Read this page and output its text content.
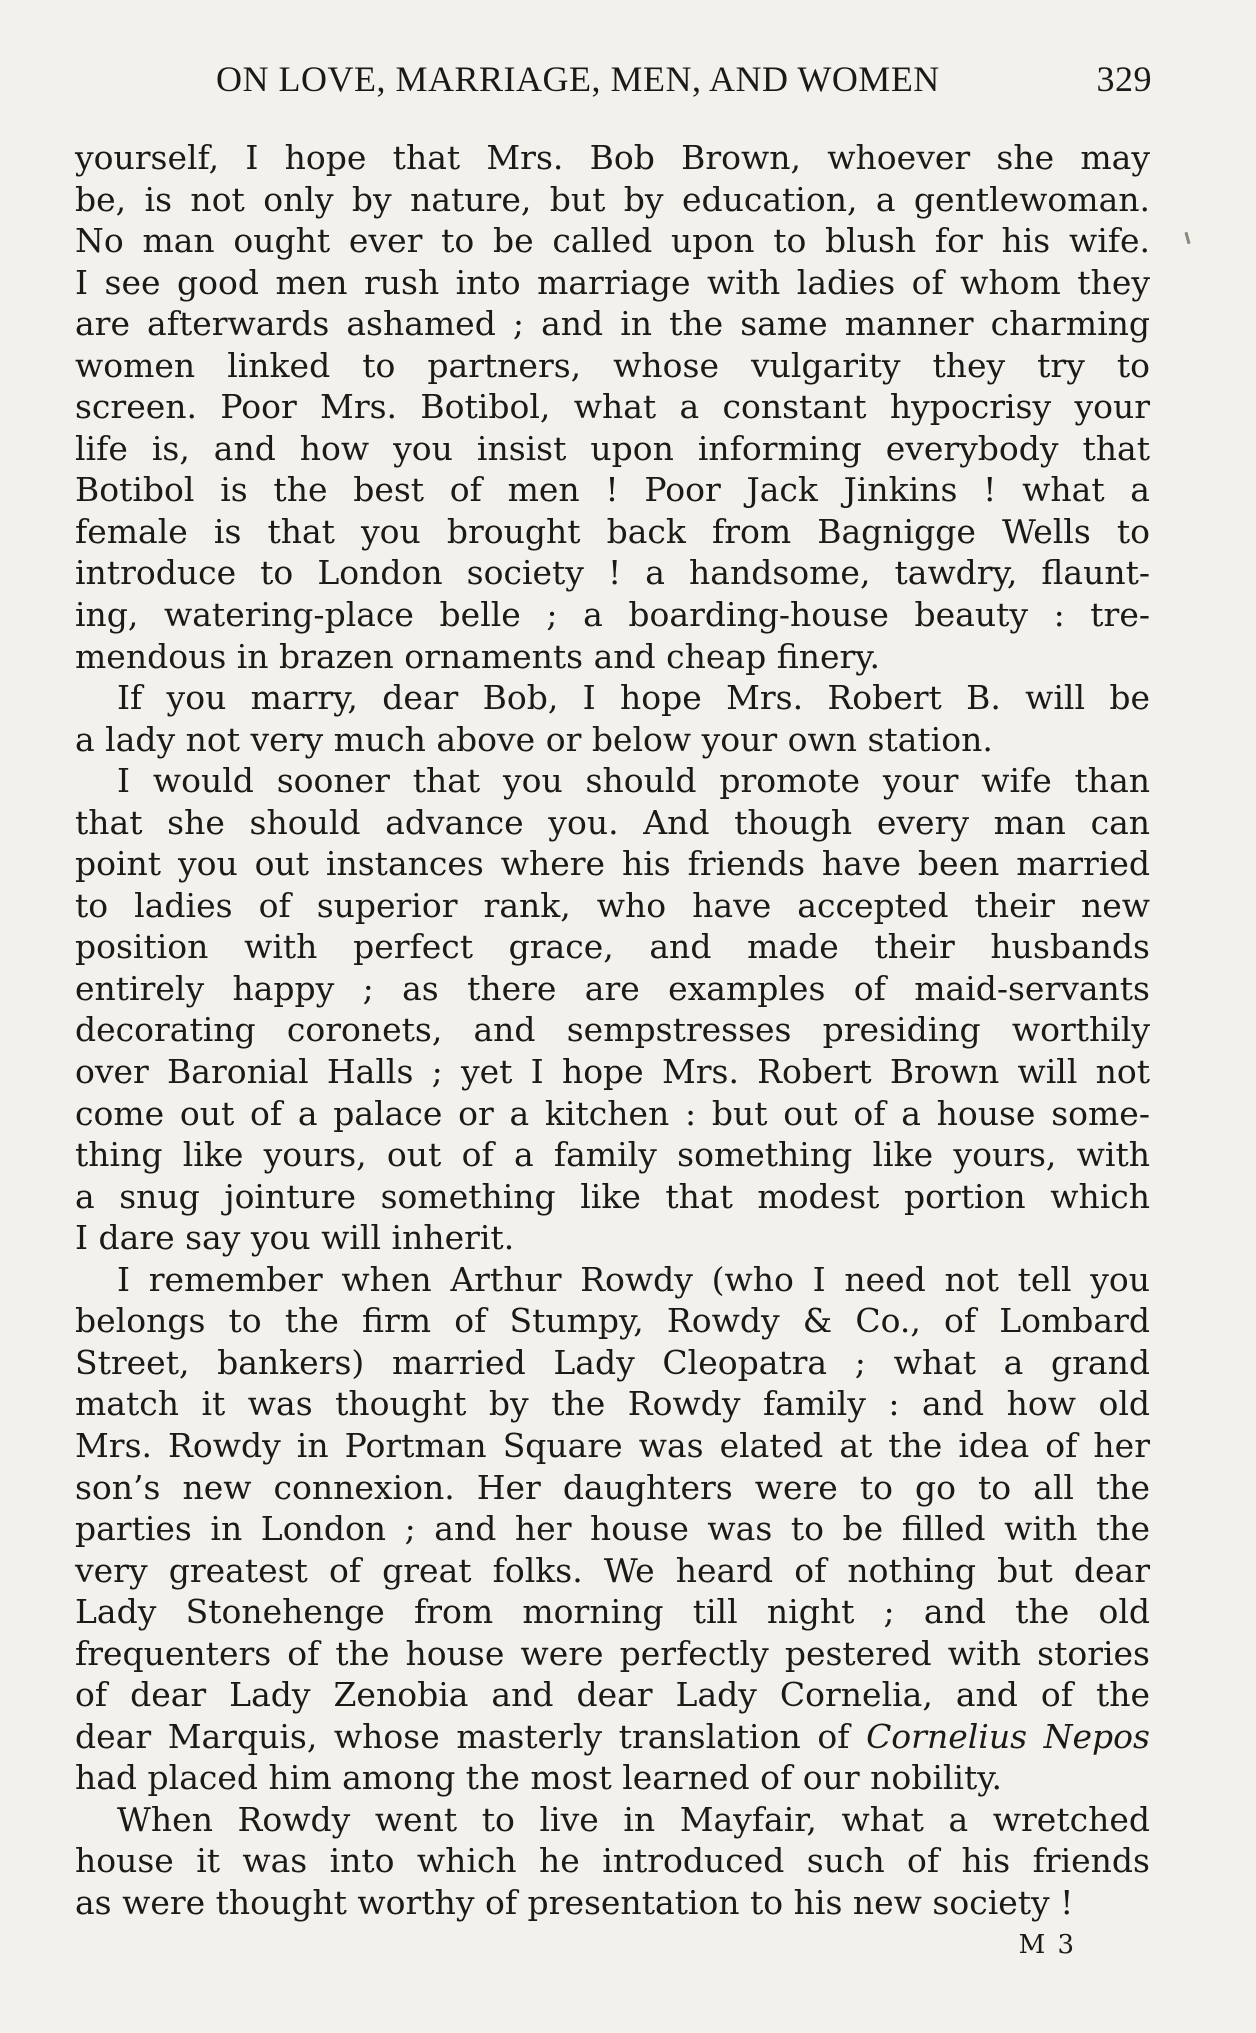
ON LOVE, MARRIAGE, MEN, AND WOMEN	329
yourself, I hope that Mrs. Bob Brown, whoever she may
be, is not only by nature, but by education, a gentlewoman.
No man ought ever to be called upon to blush for his wife.
I see good men rush into marriage with ladies of whom they
are afterwards ashamed ; and in the same manner charming
women linked to partners, whose vulgarity they try to
screen. Poor Mrs. Botibol, what a constant hypocrisy your
life is, and how you insist upon informing everybody that
Botibol is the best of men ! Poor Jack Jinkins ! what a
female is that you brought back from Bagnigge Wells to
introduce to London society ! a handsome, tawdry, flaunt-
ing, watering-place belle ; a boarding-house beauty : tre-
mendous in brazen ornaments and cheap finery.
If you marry, dear Bob, I hope Mrs. Robert B. will be
a lady not very much above or below your own station.
I would sooner that you should promote your wife than
that she should advance you. And though every man can
point you out instances where his friends have been married
to ladies of superior rank, who have accepted their new
position with perfect grace, and made their husbands
entirely happy ; as there are examples of maid-servants
decorating coronets, and sempstresses presiding worthily
over Baronial Halls ; yet I hope Mrs. Robert Brown will not
come out of a palace or a kitchen : but out of a house some-
thing like yours, out of a family something like yours, with
a snug jointure something like that modest portion which
I dare say you will inherit.
I remember when Arthur Rowdy (who I need not tell you
belongs to the firm of Stumpy, Rowdy & Co., of Lombard
Street, bankers) married Lady Cleopatra ; what a grand
match it was thought by the Rowdy family : and how old
Mrs. Rowdy in Portman Square was elated at the idea of her
son’s new connexion. Her daughters were to go to all the
parties in London ; and her house was to be filled with the
very greatest of great folks. We heard of nothing but dear
Lady Stonehenge from morning till night ; and the old
frequenters of the house were perfectly pestered with stories
of dear Lady Zenobia and dear Lady Cornelia, and of the
dear Marquis, whose masterly translation of Cornelius Nepos
had placed him among the most learned of our nobility.
When Rowdy went to live in Mayfair, what a wretched
house it was into which he introduced such of his friends
as were thought worthy of presentation to his new society !
M 3
